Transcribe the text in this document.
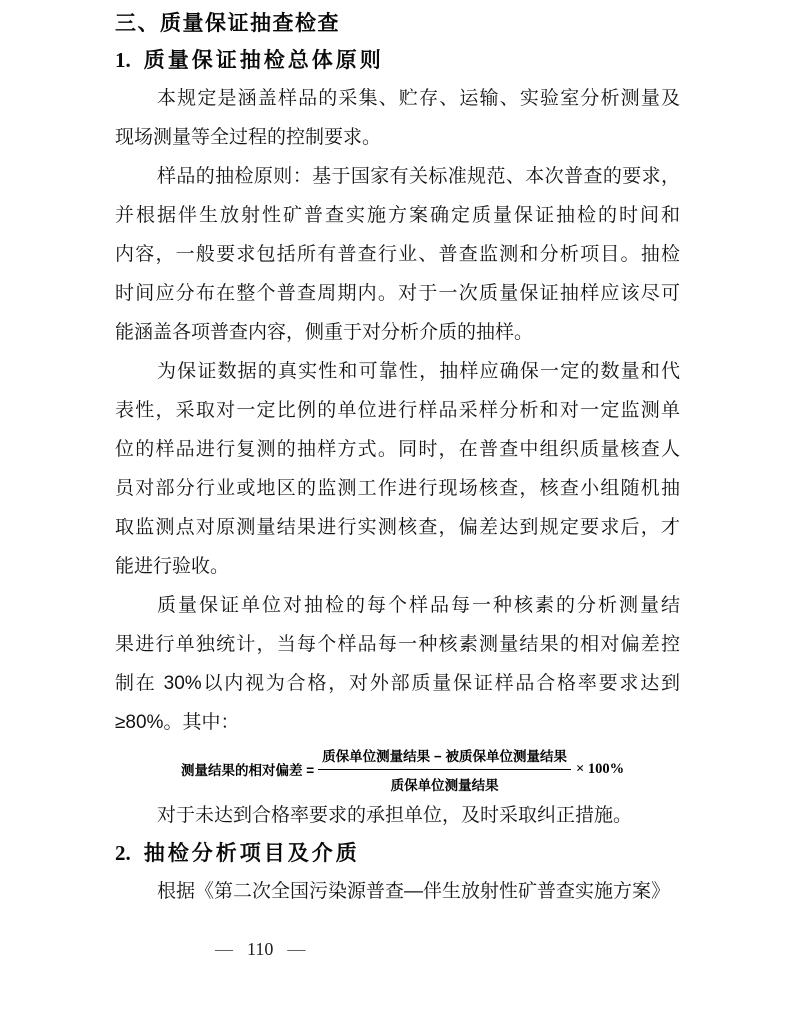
三、质量保证抽查检查
1. 质量保证抽检总体原则
本规定是涵盖样品的采集、贮存、运输、实验室分析测量及
现场测量等全过程的控制要求。
样品的抽检原则：基于国家有关标准规范、本次普查的要求，
并根据伴生放射性矿普查实施方案确定质量保证抽检的时间和
内容，一般要求包括所有普查行业、普查监测和分析项目。抽检
时间应分布在整个普查周期内。对于一次质量保证抽样应该尽可
能涵盖各项普查内容，侧重于对分析介质的抽样。
为保证数据的真实性和可靠性，抽样应确保一定的数量和代
表性，采取对一定比例的单位进行样品采样分析和对一定监测单
位的样品进行复测的抽样方式。同时，在普查中组织质量核查人
员对部分行业或地区的监测工作进行现场核查，核查小组随机抽
取监测点对原测量结果进行实测核查，偏差达到规定要求后，才
能进行验收。
质量保证单位对抽检的每个样品每一种核素的分析测量结
果进行单独统计，当每个样品每一种核素测量结果的相对偏差控
制在 30%以内视为合格，对外部质量保证样品合格率要求达到
≥80%。其中：
测量结果的相对偏差 = $\frac{\text{质保单位测量结果 − 被质保单位测量结果}}{\text{质保单位测量结果}} \times 100\%$
对于未达到合格率要求的承担单位，及时采取纠正措施。
2. 抽检分析项目及介质
根据《第二次全国污染源普查—伴生放射性矿普查实施方案》
— 110 —
